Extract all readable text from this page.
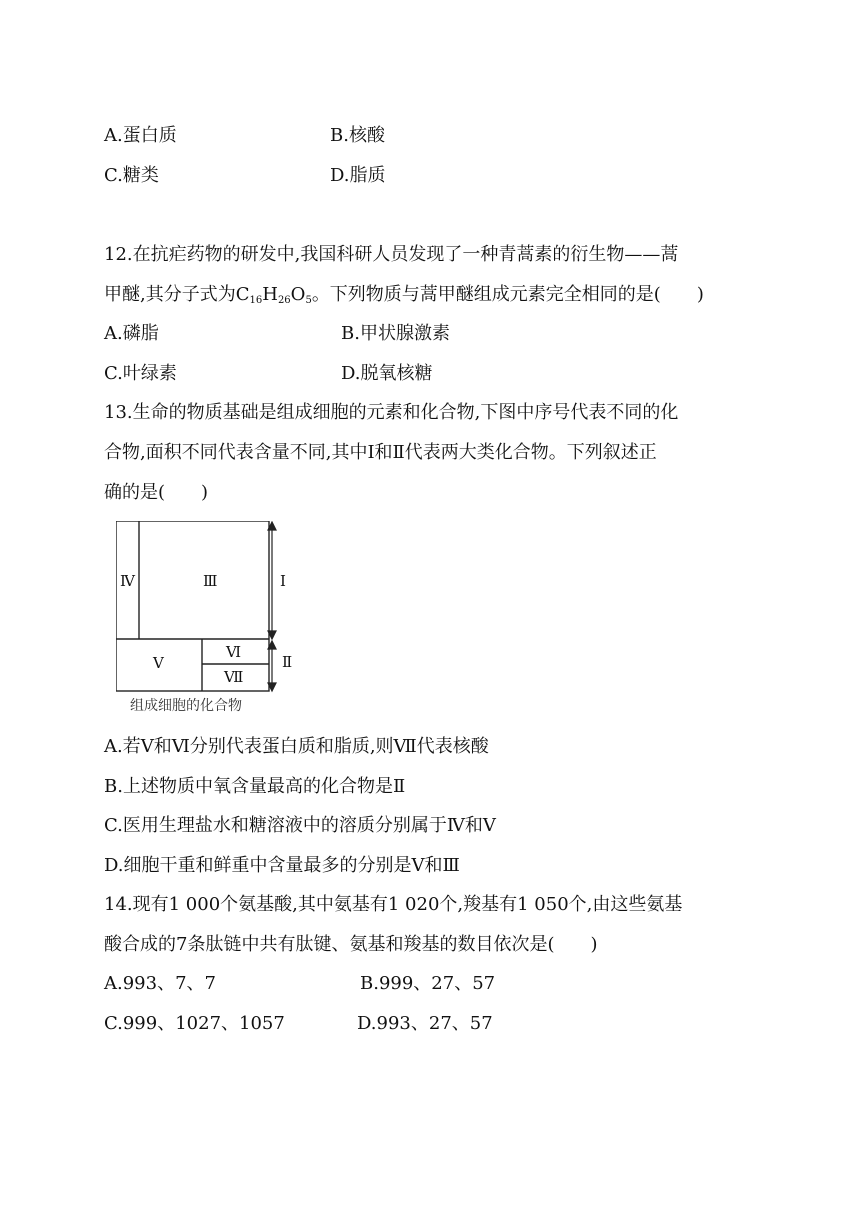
A.蛋白质	B.核酸
C.糖类	D.脂质
12.在抗疟药物的研发中,我国科研人员发现了一种青蒿素的衍生物——蒿
甲醚,其分子式为$C_{16}H_{26}O_5$。下列物质与蒿甲醚组成元素完全相同的是(　　)
A.磷脂	B.甲状腺激素
C.叶绿素	D.脱氧核糖
13.生命的物质基础是组成细胞的元素和化合物,下图中序号代表不同的化
合物,面积不同代表含量不同,其中Ⅰ和Ⅱ代表两大类化合物。下列叙述正
确的是(　　)
Ⅳ	Ⅲ	Ⅰ
Ⅴ
Ⅵ
Ⅶ
Ⅱ
组成细胞的化合物
A.若Ⅴ和Ⅵ分别代表蛋白质和脂质,则Ⅶ代表核酸
B.上述物质中氧含量最高的化合物是Ⅱ
C.医用生理盐水和糖溶液中的溶质分别属于Ⅳ和Ⅴ
D.细胞干重和鲜重中含量最多的分别是Ⅴ和Ⅲ
14.现有1 000个氨基酸,其中氨基有1 020个,羧基有1 050个,由这些氨基
酸合成的7条肽链中共有肽键、氨基和羧基的数目依次是(　　)
A.993、7、7	B.999、27、57
C.999、1027、1057	D.993、27、57
